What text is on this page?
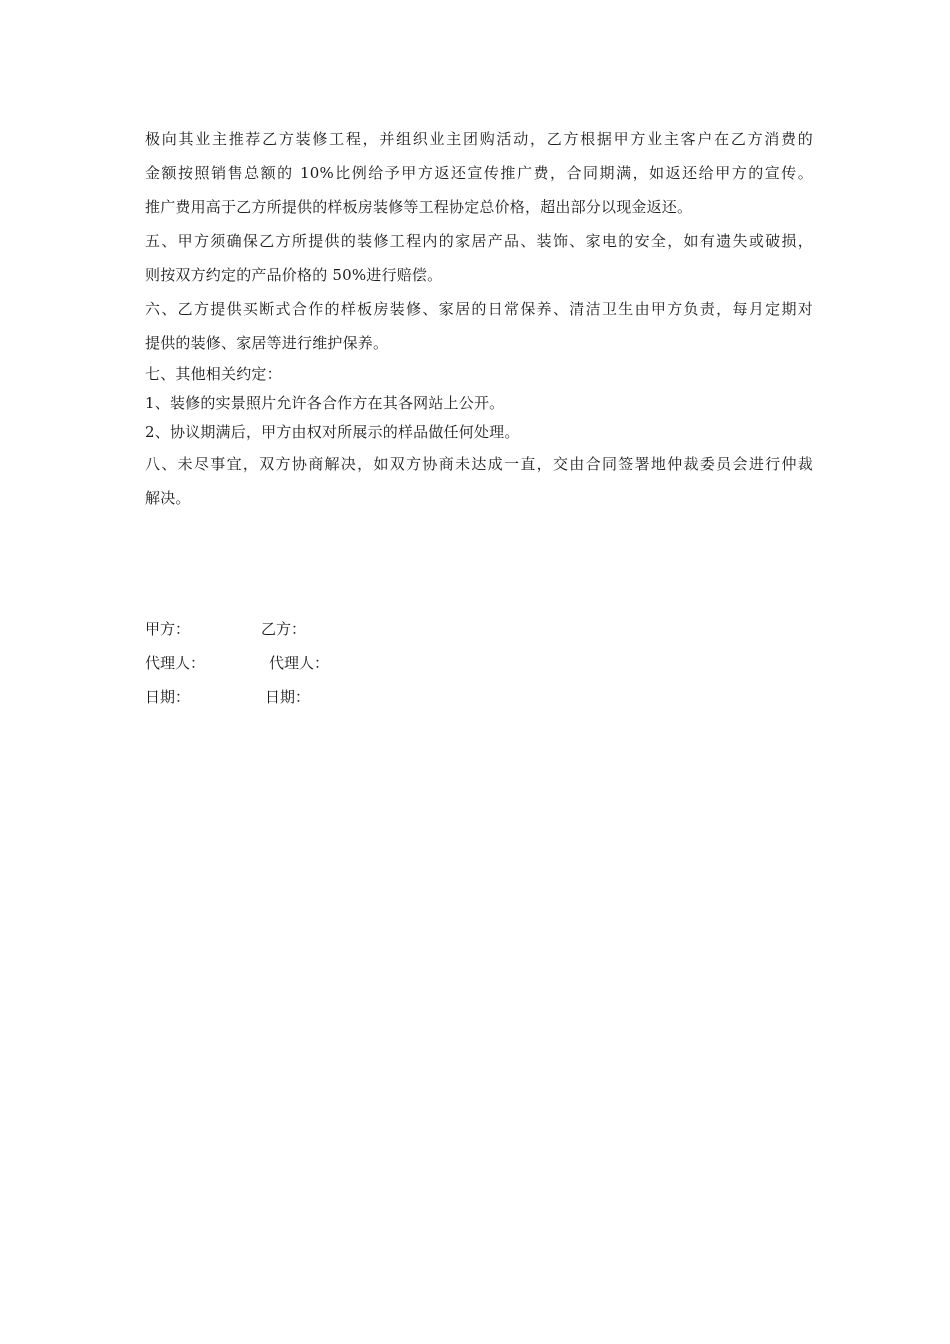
极向其业主推荐乙方装修工程，并组织业主团购活动，乙方根据甲方业主客户在乙方消费的
金额按照销售总额的 10%比例给予甲方返还宣传推广费，合同期满，如返还给甲方的宣传。
推广费用高于乙方所提供的样板房装修等工程协定总价格，超出部分以现金返还。
五、甲方须确保乙方所提供的装修工程内的家居产品、装饰、家电的安全，如有遗失或破损，
则按双方约定的产品价格的 50%进行赔偿。
六、乙方提供买断式合作的样板房装修、家居的日常保养、清洁卫生由甲方负责，每月定期对
提供的装修、家居等进行维护保养。
七、其他相关约定：
1、装修的实景照片允许各合作方在其各网站上公开。
2、协议期满后，甲方由权对所展示的样品做任何处理。
八、未尽事宜，双方协商解决，如双方协商未达成一直，交由合同签署地仲裁委员会进行仲裁
解决。
甲方：	乙方：
代理人：	代理人：
日期：	日期：
